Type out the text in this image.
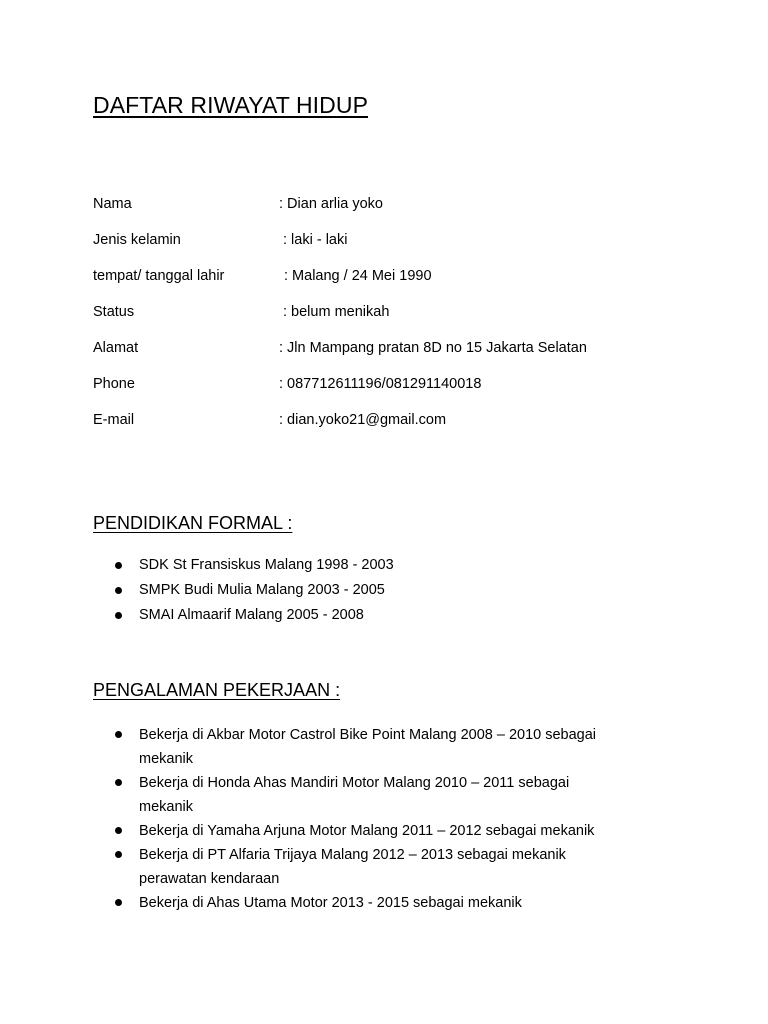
DAFTAR RIWAYAT HIDUP
Nama	: Dian arlia yoko
Jenis kelamin	: laki - laki
tempat/ tanggal lahir	: Malang / 24 Mei 1990
Status	: belum menikah
Alamat	: Jln Mampang pratan 8D no 15 Jakarta Selatan
Phone	: 087712611196/081291140018
E-mail	: dian.yoko21@gmail.com
PENDIDIKAN FORMAL :
SDK St Fransiskus Malang 1998 - 2003
SMPK Budi Mulia Malang 2003 - 2005
SMAI Almaarif Malang 2005 - 2008
PENGALAMAN PEKERJAAN :
Bekerja di Akbar Motor Castrol Bike Point Malang 2008 – 2010 sebagai
mekanik
Bekerja di Honda Ahas Mandiri Motor Malang 2010 – 2011 sebagai
mekanik
Bekerja di Yamaha Arjuna Motor Malang 2011 – 2012 sebagai mekanik
Bekerja di PT Alfaria Trijaya Malang 2012 – 2013 sebagai mekanik
perawatan kendaraan
Bekerja di Ahas Utama Motor 2013 - 2015 sebagai mekanik
